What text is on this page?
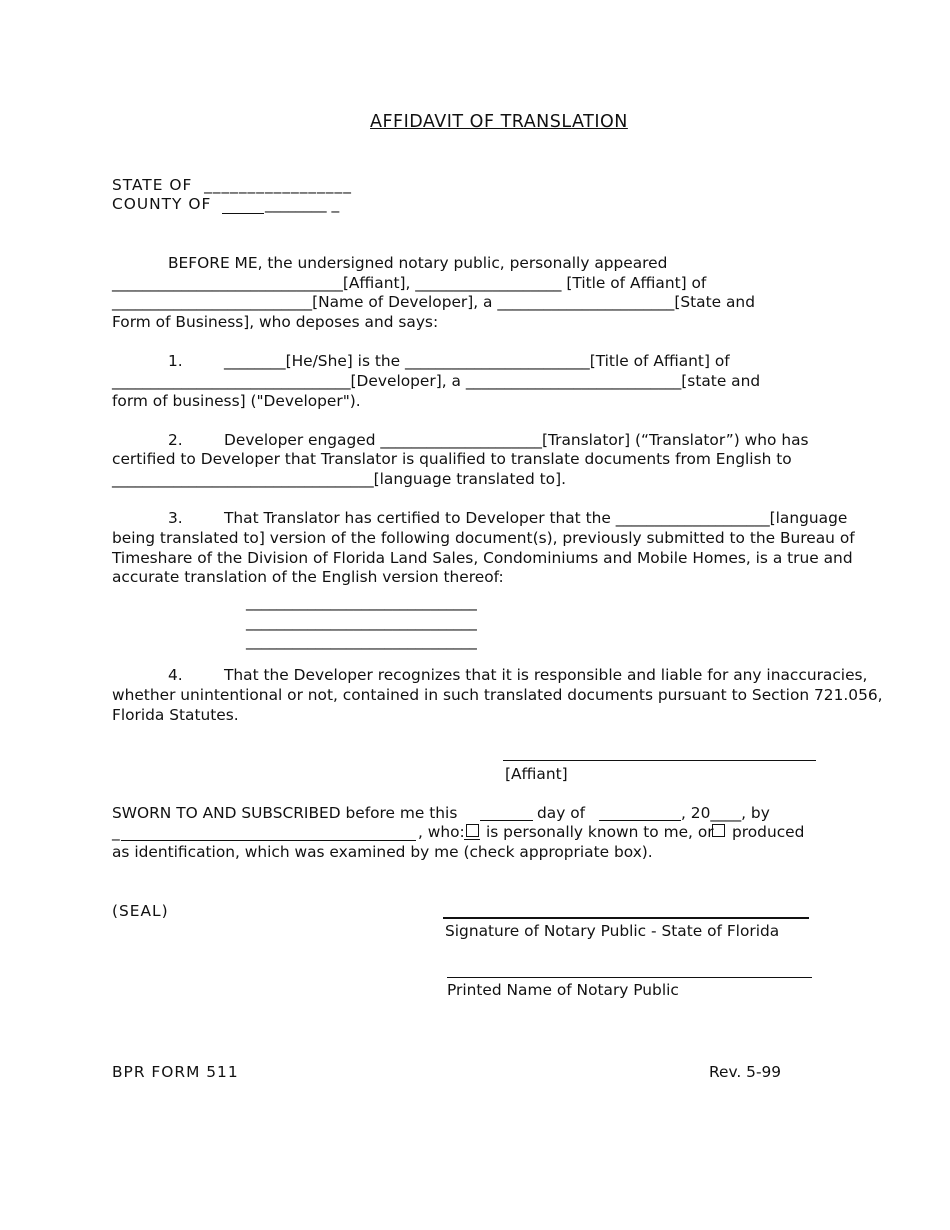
AFFIDAVIT OF TRANSLATION
STATE OF  _________________
COUNTY OF	________ _
BEFORE ME, the undersigned notary public, personally appeared
______________________________[Affiant], ___________________ [Title of Affiant] of
__________________________[Name of Developer], a _______________________[State and
Form of Business], who deposes and says:
1.	________[He/She] is the ________________________[Title of Affiant] of
_______________________________[Developer], a ____________________________[state and
form of business] ("Developer").
2.	Developer engaged _____________________[Translator] (“Translator”) who has
certified to Developer that Translator is qualified to translate documents from English to
__________________________________[language translated to].
3.	That Translator has certified to Developer that the ____________________[language
being translated to] version of the following document(s), previously submitted to the Bureau of
Timeshare of the Division of Florida Land Sales, Condominiums and Mobile Homes, is a true and
accurate translation of the English version thereof:
______________________________
______________________________
______________________________
4.	That the Developer recognizes that it is responsible and liable for any inaccuracies,
whether unintentional or not, contained in such translated documents pursuant to Section 721.056,
Florida Statutes.
[Affiant]
SWORN TO AND SUBSCRIBED before me this	day of	, 20____, by
_	, who: is personally known to me, or produced
as identification, which was examined by me (check appropriate box).
(SEAL)
Signature of Notary Public - State of Florida
Printed Name of Notary Public
BPR FORM 511	Rev. 5-99
